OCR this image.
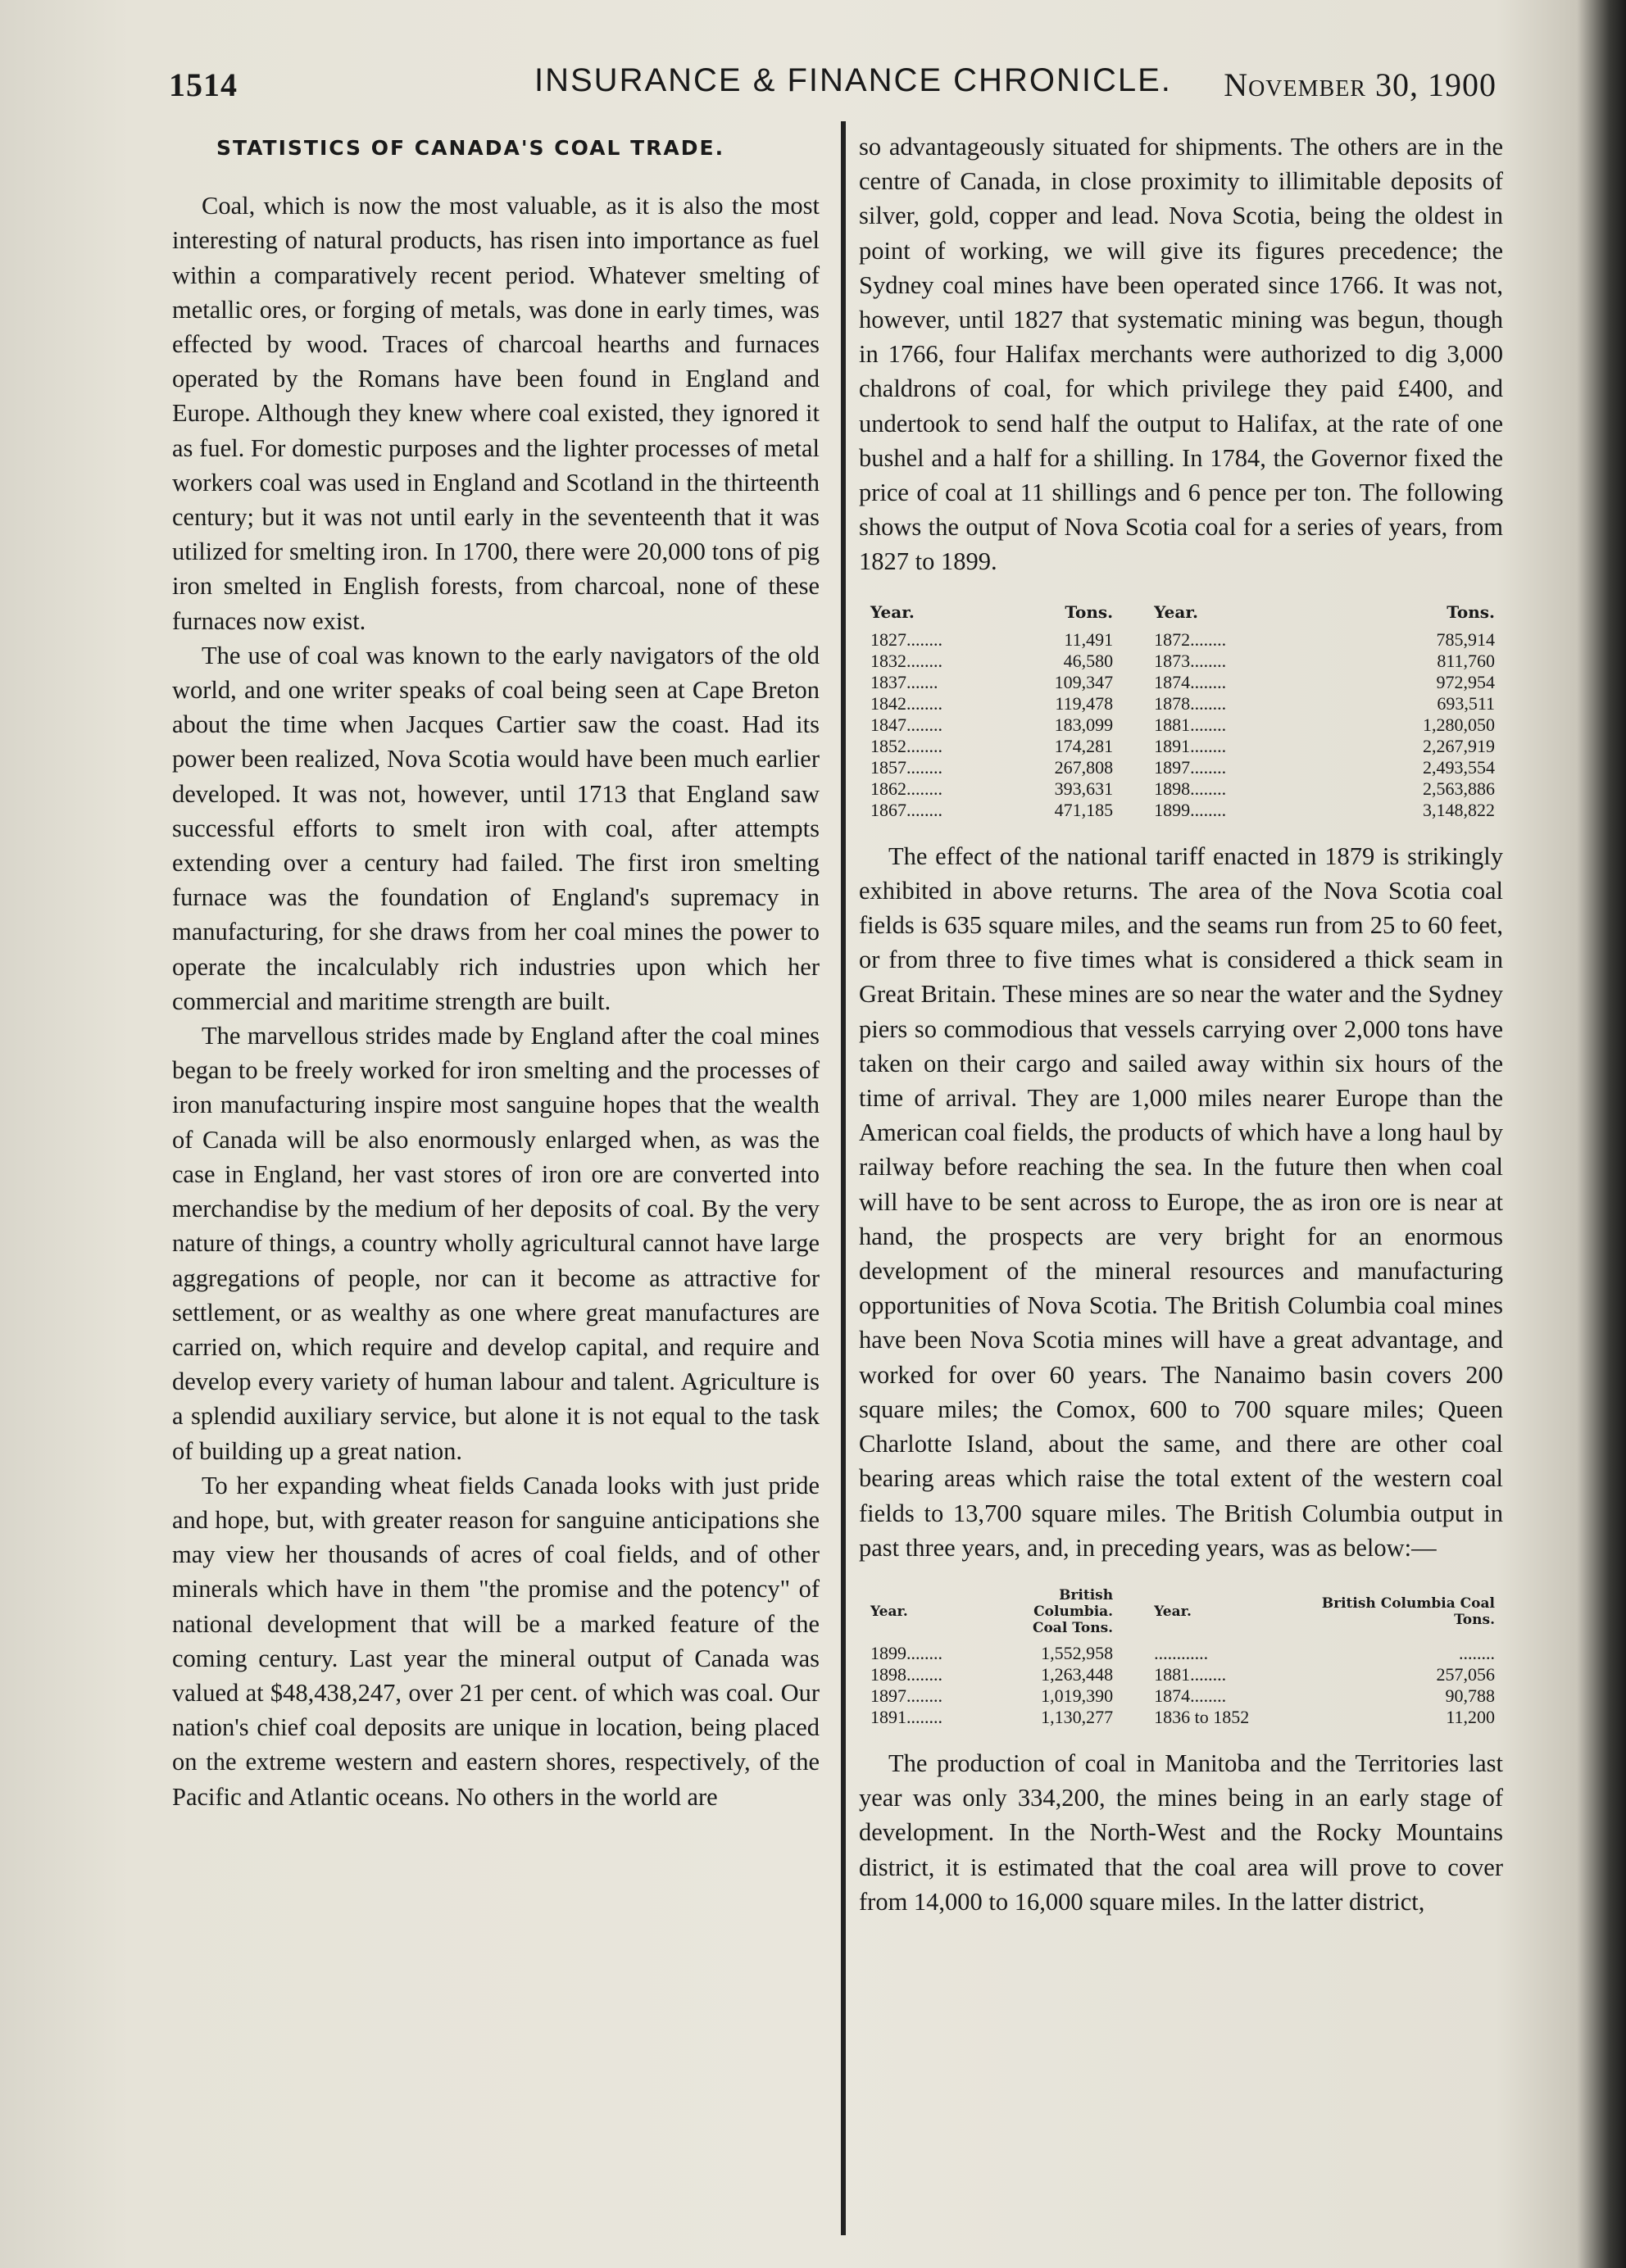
1514	INSURANCE & FINANCE CHRONICLE. November 30, 1900
STATISTICS OF CANADA'S COAL TRADE.

Coal, which is now the most valuable, as it is also the most interesting of natural products, has risen into importance as fuel within a comparatively recent period. Whatever smelting of metallic ores, or forging of metals, was done in early times, was effected by wood. Traces of charcoal hearths and furnaces operated by the Romans have been found in England and Europe. Although they knew where coal existed, they ignored it as fuel. For domestic purposes and the lighter processes of metal workers coal was used in England and Scotland in the thirteenth century; but it was not until early in the seventeenth that it was utilized for smelting iron. In 1700, there were 20,000 tons of pig iron smelted in English forests, from charcoal, none of these furnaces now exist.

The use of coal was known to the early navigators of the old world, and one writer speaks of coal being seen at Cape Breton about the time when Jacques Cartier saw the coast. Had its power been realized, Nova Scotia would have been much earlier developed. It was not, however, until 1713 that England saw successful efforts to smelt iron with coal, after attempts extending over a century had failed. The first iron smelting furnace was the foundation of England's supremacy in manufacturing, for she draws from her coal mines the power to operate the incalculably rich industries upon which her commercial and maritime strength are built.

The marvellous strides made by England after the coal mines began to be freely worked for iron smelting and the processes of iron manufacturing inspire most sanguine hopes that the wealth of Canada will be also enormously enlarged when, as was the case in England, her vast stores of iron ore are converted into merchandise by the medium of her deposits of coal. By the very nature of things, a country wholly agricultural cannot have large aggregations of people, nor can it become as attractive for settlement, or as wealthy as one where great manufactures are carried on, which require and develop capital, and require and develop every variety of human labour and talent. Agriculture is a splendid auxiliary service, but alone it is not equal to the task of building up a great nation.

To her expanding wheat fields Canada looks with just pride and hope, but, with greater reason for sanguine anticipations she may view her thousands of acres of coal fields, and of other minerals which have in them "the promise and the potency" of national development that will be a marked feature of the coming century. Last year the mineral output of Canada was valued at $48,438,247, over 21 per cent. of which was coal. Our nation's chief coal deposits are unique in location, being placed on the extreme western and eastern shores, respectively, of the Pacific and Atlantic oceans. No others in the world are

so advantageously situated for shipments. The others are in the centre of Canada, in close proximity to illimitable deposits of silver, gold, copper and lead. Nova Scotia, being the oldest in point of working, we will give its figures precedence; the Sydney coal mines have been operated since 1766. It was not, however, until 1827 that systematic mining was begun, though in 1766, four Halifax merchants were authorized to dig 3,000 chaldrons of coal, for which privilege they paid £400, and undertook to send half the output to Halifax, at the rate of one bushel and a half for a shilling. In 1784, the Governor fixed the price of coal at 11 shillings and 6 pence per ton. The following shows the output of Nova Scotia coal for a series of years, from 1827 to 1899.

Year.	Tons.	Year.	Tons.
1827........	11,491	1872........	785,914
1832........	46,580	1873........	811,760
1837.......	109,347	1874........	972,954
1842........	119,478	1878........	693,511
1847........	183,099	1881........	1,280,050
1852........	174,281	1891........	2,267,919
1857........	267,808	1897........	2,493,554
1862........	393,631	1898........	2,563,886
1867........	471,185	1899........	3,148,822

The effect of the national tariff enacted in 1879 is strikingly exhibited in above returns. The area of the Nova Scotia coal fields is 635 square miles, and the seams run from 25 to 60 feet, or from three to five times what is considered a thick seam in Great Britain. These mines are so near the water and the Sydney piers so commodious that vessels carrying over 2,000 tons have taken on their cargo and sailed away within six hours of the time of arrival. They are 1,000 miles nearer Europe than the American coal fields, the products of which have a long haul by railway before reaching the sea. In the future then when coal will have to be sent across to Europe, the as iron ore is near at hand, the prospects are very bright for an enormous development of the mineral resources and manufacturing opportunities of Nova Scotia. The British Columbia coal mines have been Nova Scotia mines will have a great advantage, and worked for over 60 years. The Nanaimo basin covers 200 square miles; the Comox, 600 to 700 square miles; Queen Charlotte Island, about the same, and there are other coal bearing areas which raise the total extent of the western coal fields to 13,700 square miles. The British Columbia output in past three years, and, in preceding years, was as below:—

Year.	British Columbia. Coal Tons.	Year.	British Columbia Coal Tons.
1899........	1,552,958	............	........
1898........	1,263,448	1881........	257,056
1897........	1,019,390	1874........	90,788
1891........	1,130,277	1836 to 1852	11,200

The production of coal in Manitoba and the Territories last year was only 334,200, the mines being in an early stage of development. In the North-West and the Rocky Mountains district, it is estimated that the coal area will prove to cover from 14,000 to 16,000 square miles. In the latter district,
